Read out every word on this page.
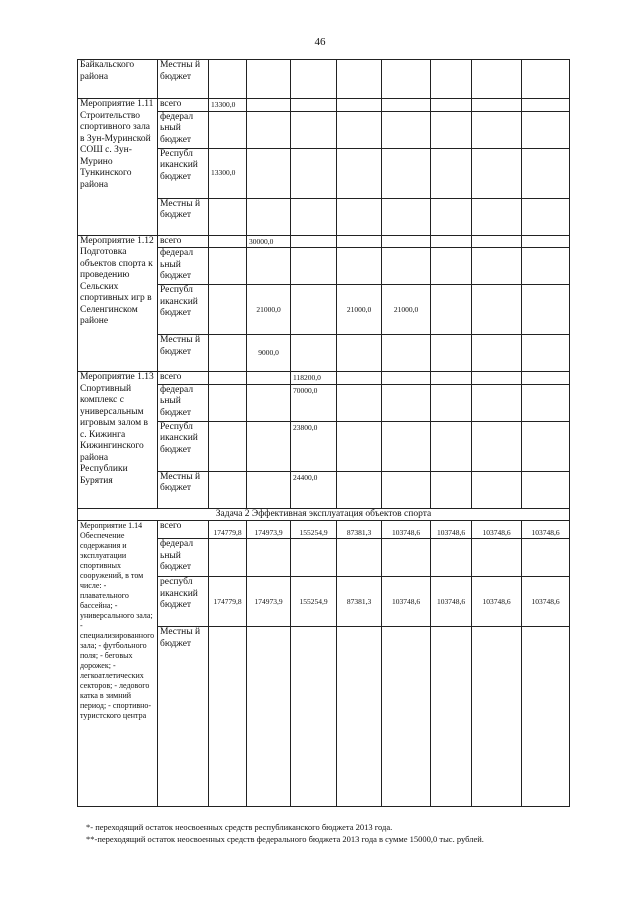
46
Байкальского района	Местны й бюджет								
Мероприятие 1.11 Строительство спортивного зала в Зун-Муринской СОШ с. Зун-Мурино Тункинского района	всего	13300,0							
	федерал ьный бюджет								
	Республ иканский бюджет	13300,0							
	Местны й бюджет								
Мероприятие 1.12 Подготовка объектов спорта к проведению Сельских спортивных игр в Селенгинском районе	всего		30000,0						
	федерал ьный бюджет								
	Республ иканский бюджет		21000,0		21000,0	21000,0			
	Местны й бюджет		9000,0						
Мероприятие 1.13 Спортивный комплекс с универсальным игровым залом в с. Кижинга Кижингинского района Республики Бурятия	всего			118200,0					
	федерал ьный бюджет			70000,0					
	Республ иканский бюджет			23800,0					
	Местны й бюджет			24400,0					
Задача 2 Эффективная эксплуатация объектов спорта									
Мероприятие 1.14 Обеспечение содержания и эксплуатации спортивных сооружений, в том числе: - плавательного бассейна; - универсального зала; - специализированного зала; - футбольного поля; - беговых дорожек; - легкоатлетических секторов; - ледового катка в зимний период; - спортивно-туристского центра	всего	174779,8	174973,9	155254,9	87381,3	103748,6	103748,6	103748,6	103748,6
	федерал ьный бюджет								
	республ иканский бюджет	174779,8	174973,9	155254,9	87381,3	103748,6	103748,6	103748,6	103748,6
	Местны й бюджет								
*- переходящий остаток неосвоенных средств республиканского бюджета 2013 года.
**-переходящий остаток неосвоенных средств федерального бюджета 2013 года в сумме 15000,0 тыс. рублей.
